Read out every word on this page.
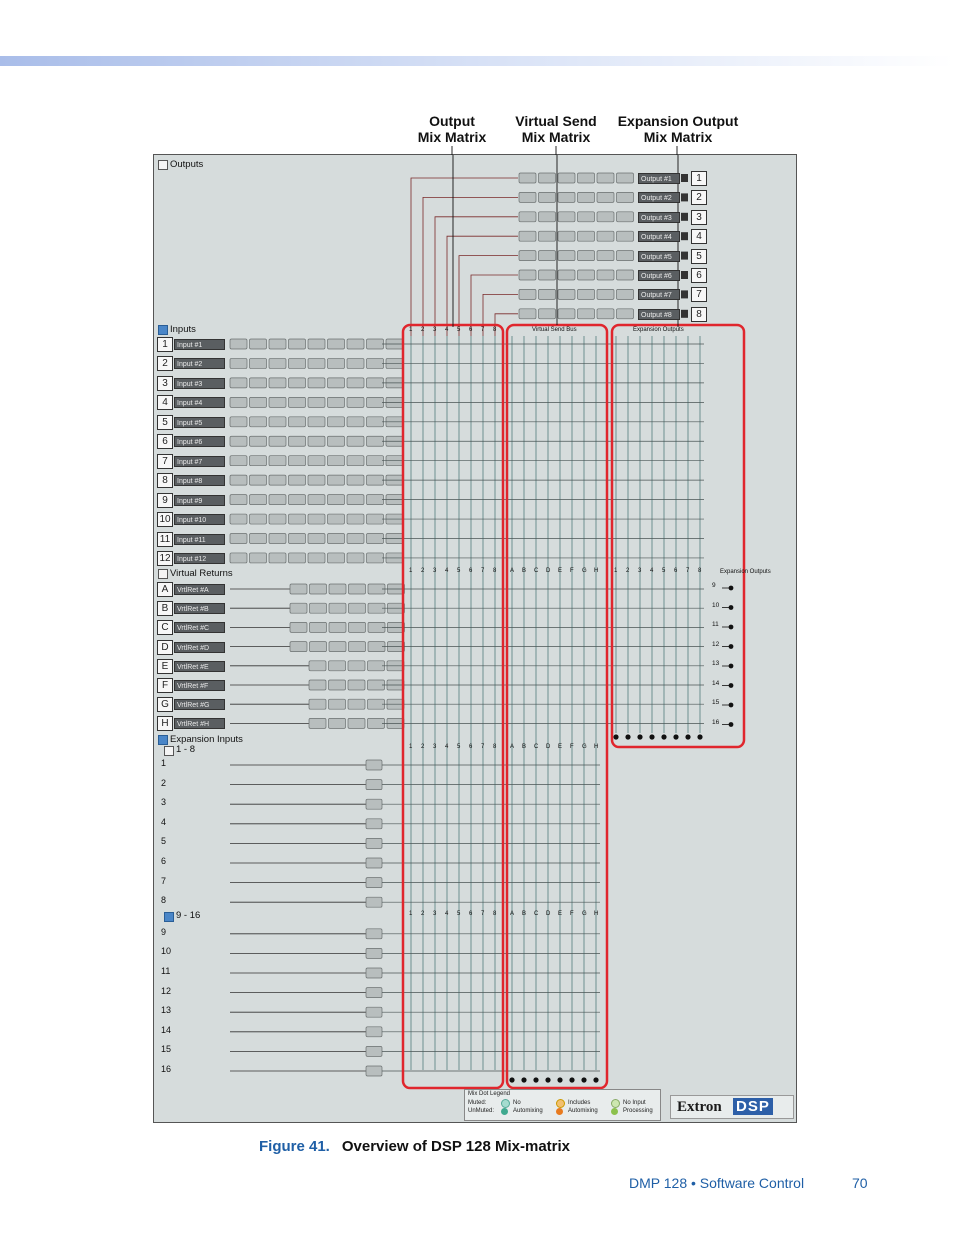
Output
Mix Matrix
Virtual Send
Mix Matrix
Expansion Output
Mix Matrix
Outputs
Inputs
Virtual Returns
Expansion Inputs
1 - 8
9 - 16
Virtual Send Bus	Expansion Outputs
Expansion Outputs
Output #1	1
Output #2	2
Output #3	3
Output #4	4
Output #5	5
Output #6	6
Output #7	7
Output #8	8
1	Input #1
2	Input #2
3	Input #3
4	Input #4
5	Input #5
6	Input #6
7	Input #7
8	Input #8
9	Input #9
10 Input #10
11 Input #11
12 Input #12
A	VrtlRet #A
B	VrtlRet #B
C	VrtlRet #C
D	VrtlRet #D
E	VrtlRet #E
F	VrtlRet #F
G	VrtlRet #G
H	VrtlRet #H
1
2
3
4
5
6
7
8
9
10
11
12
13
14
15
16
9
10
11
12
13
14
15
16
1 2 3 4 5 6 7 8
1 2 3 4 5 6 7 8 A B C D E F G H	1 2 3 4 5 6 7 8
1 2 3 4 5 6 7 8 A B C D E F G H
1 2 3 4 5 6 7 8 A B C D E F G H
Mix Dot Legend
Muted:
UnMuted:
No
Automixing
Includes
Automixing
No Input
Processing Extron DSP
Figure 41. Overview of DSP 128 Mix-matrix
DMP 128 • Software Control	70
